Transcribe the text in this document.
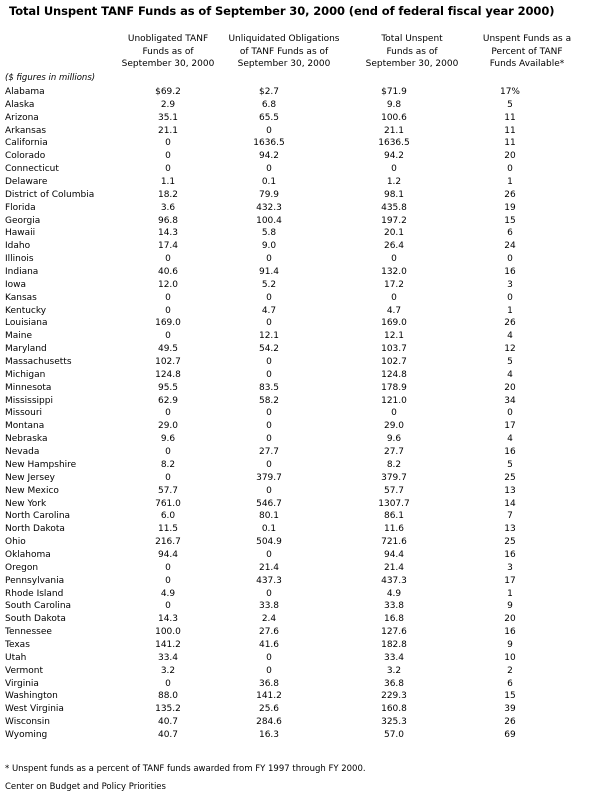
Total Unspent TANF Funds as of September 30, 2000 (end of federal fiscal year 2000)
Unobligated TANF
Funds as of
September 30, 2000
Unliquidated Obligations
of TANF Funds as of
September 30, 2000
Total Unspent
Funds as of
September 30, 2000
Unspent Funds as a
Percent of TANF
Funds Available*
($ figures in millions)
Alabama	$69.2	$2.7	$71.9	17%
Alaska	2.9	6.8	9.8	5
Arizona	35.1	65.5	100.6	11
Arkansas	21.1	0	21.1	11
California	0	1636.5	1636.5	11
Colorado	0	94.2	94.2	20
Connecticut	0	0	0	0
Delaware	1.1	0.1	1.2	1
District of Columbia	18.2	79.9	98.1	26
Florida	3.6	432.3	435.8	19
Georgia	96.8	100.4	197.2	15
Hawaii	14.3	5.8	20.1	6
Idaho	17.4	9.0	26.4	24
Illinois	0	0	0	0
Indiana	40.6	91.4	132.0	16
Iowa	12.0	5.2	17.2	3
Kansas	0	0	0	0
Kentucky	0	4.7	4.7	1
Louisiana	169.0	0	169.0	26
Maine	0	12.1	12.1	4
Maryland	49.5	54.2	103.7	12
Massachusetts	102.7	0	102.7	5
Michigan	124.8	0	124.8	4
Minnesota	95.5	83.5	178.9	20
Mississippi	62.9	58.2	121.0	34
Missouri	0	0	0	0
Montana	29.0	0	29.0	17
Nebraska	9.6	0	9.6	4
Nevada	0	27.7	27.7	16
New Hampshire	8.2	0	8.2	5
New Jersey	0	379.7	379.7	25
New Mexico	57.7	0	57.7	13
New York	761.0	546.7	1307.7	14
North Carolina	6.0	80.1	86.1	7
North Dakota	11.5	0.1	11.6	13
Ohio	216.7	504.9	721.6	25
Oklahoma	94.4	0	94.4	16
Oregon	0	21.4	21.4	3
Pennsylvania	0	437.3	437.3	17
Rhode Island	4.9	0	4.9	1
South Carolina	0	33.8	33.8	9
South Dakota	14.3	2.4	16.8	20
Tennessee	100.0	27.6	127.6	16
Texas	141.2	41.6	182.8	9
Utah	33.4	0	33.4	10
Vermont	3.2	0	3.2	2
Virginia	0	36.8	36.8	6
Washington	88.0	141.2	229.3	15
West Virginia	135.2	25.6	160.8	39
Wisconsin	40.7	284.6	325.3	26
Wyoming	40.7	16.3	57.0	69
* Unspent funds as a percent of TANF funds awarded from FY 1997 through FY 2000.
Center on Budget and Policy Priorities
